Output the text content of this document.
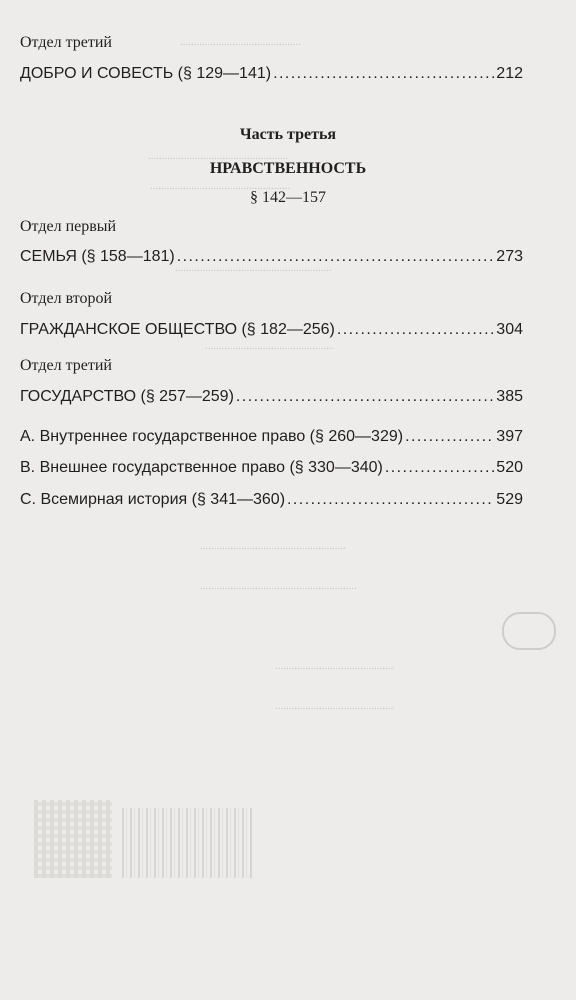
............................................
...................................................
...................................................
.........................................................
...............................................
.....................................................
.........................................................
...........................................
...........................................
Отдел третий
ДОБРО И СОВЕСТЬ (§ 129—141) . . .	212
Часть третья
НРАВСТВЕННОСТЬ
§ 142—157
Отдел первый
СЕМЬЯ (§ 158—181) . . .	273
Отдел второй
ГРАЖДАНСКОЕ ОБЩЕСТВО (§ 182—256) . . .	304
Отдел третий
ГОСУДАРСТВО (§ 257—259) . . .	385
A. Внутреннее государственное право (§ 260—329) . . .	397
B. Внешнее государственное право (§ 330—340) . . .	520
C. Всемирная история (§ 341—360) . . .	529
